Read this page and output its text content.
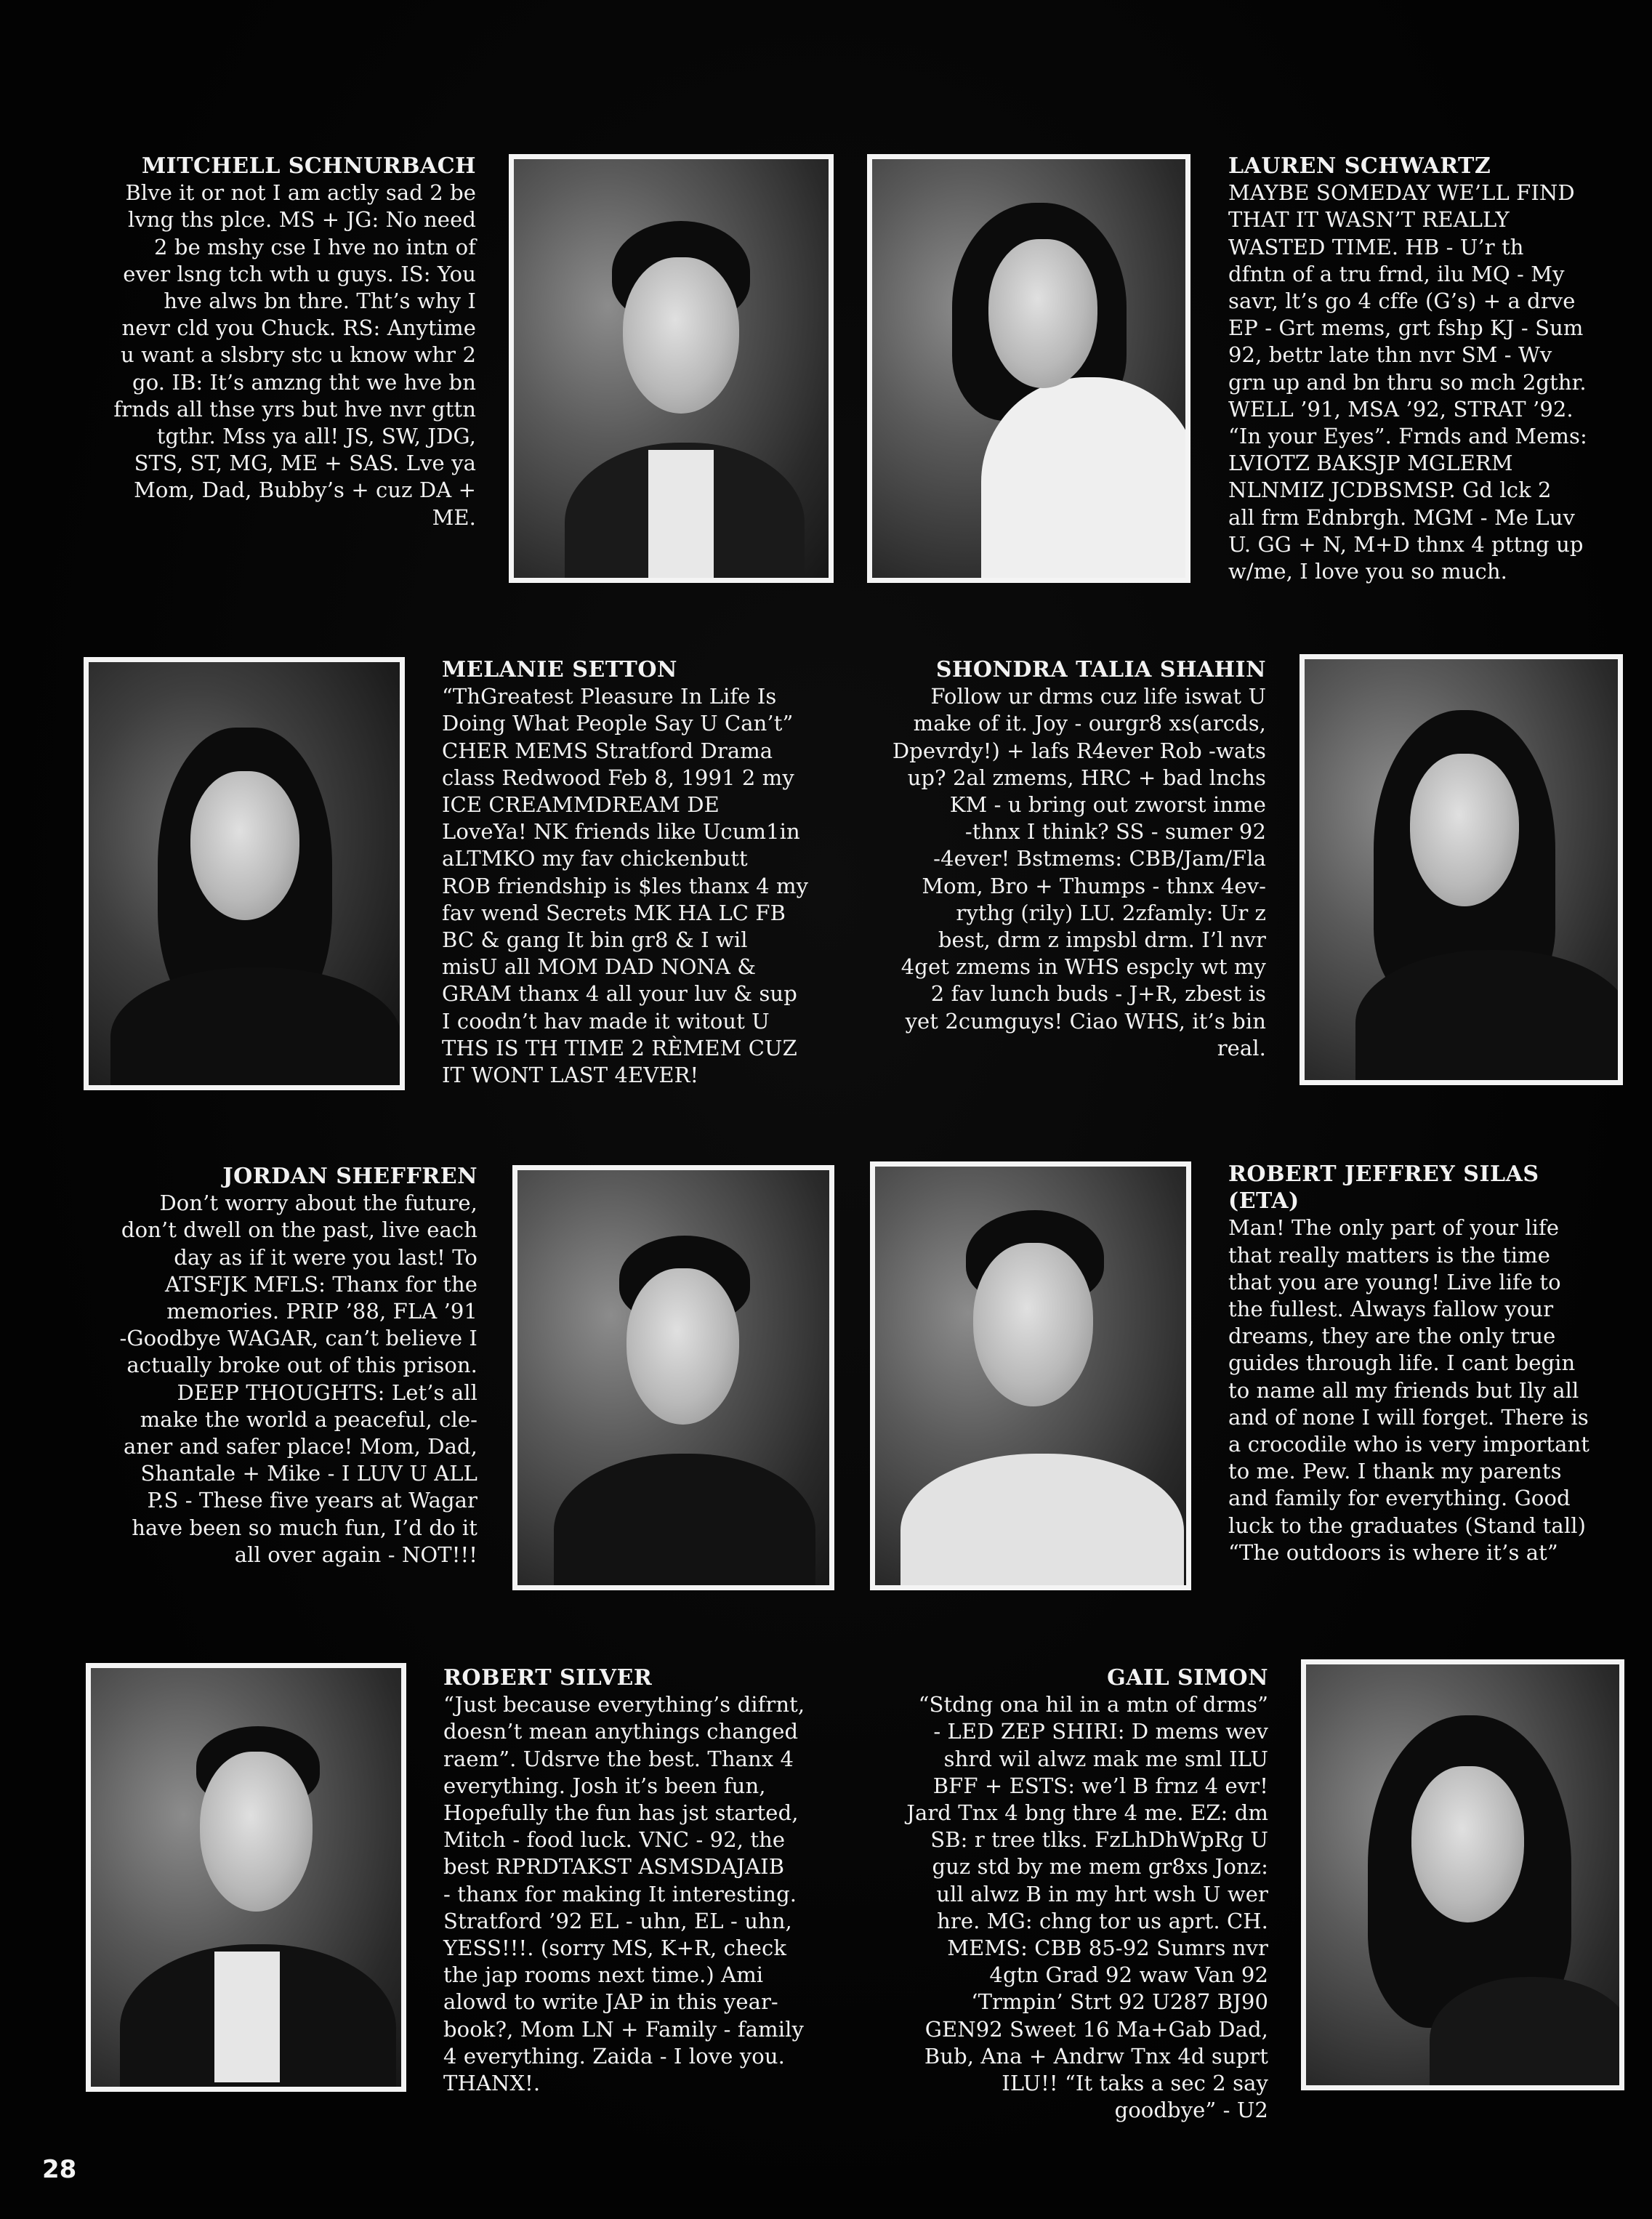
MITCHELL SCHNURBACH

Blve it or not I am actly sad 2 be
lvng ths plce. MS + JG: No need
2 be mshy cse I hve no intn of
ever lsng tch wth u guys. IS: You
hve alws bn thre. Tht’s why I
nevr cld you Chuck. RS: Anytime
u want a slsbry stc u know whr 2
go. IB: It’s amzng tht we hve bn
frnds all thse yrs but hve nvr gttn
tgthr. Mss ya all! JS, SW, JDG,
STS, ST, MG, ME + SAS. Lve ya
Mom, Dad, Bubby’s + cuz DA +
ME.

LAUREN SCHWARTZ

MAYBE SOMEDAY WE’LL FIND
THAT IT WASN’T REALLY
WASTED TIME. HB - U’r th
dfntn of a tru frnd, ilu MQ - My
savr, lt’s go 4 cffe (G’s) + a drve
EP - Grt mems, grt fshp KJ - Sum
92, bettr late thn nvr SM - Wv
grn up and bn thru so mch 2gthr.
WELL ’91, MSA ’92, STRAT ’92.
“In your Eyes”. Frnds and Mems:
LVIOTZ BAKSJP MGLERM
NLNMIZ JCDBSMSP. Gd lck 2
all frm Ednbrgh. MGM - Me Luv
U. GG + N, M+D thnx 4 pttng up
w/me, I love you so much.

MELANIE SETTON

“ThGreatest Pleasure In Life Is
Doing What People Say U Can’t”
CHER MEMS Stratford Drama
class Redwood Feb 8, 1991 2 my
ICE CREAMMDREAM DE
LoveYa! NK friends like Ucum1in
aLTMKO my fav chickenbutt
ROB friendship is $les thanx 4 my
fav wend Secrets MK HA LC FB
BC & gang It bin gr8 & I wil
misU all MOM DAD NONA &
GRAM thanx 4 all your luv & sup
I coodn’t hav made it witout U
THS IS TH TIME 2 RÈMEM CUZ
IT WONT LAST 4EVER!

SHONDRA TALIA SHAHIN

Follow ur drms cuz life iswat U
make of it. Joy - ourgr8 xs(arcds,
Dpevrdy!) + lafs R4ever Rob -wats
up? 2al zmems, HRC + bad lnchs
KM - u bring out zworst inme
-thnx I think? SS - sumer 92
-4ever! Bstmems: CBB/Jam/Fla
Mom, Bro + Thumps - thnx 4ev-
rythg (rily) LU. 2zfamly: Ur z
best, drm z impsbl drm. I’l nvr
4get zmems in WHS espcly wt my
2 fav lunch buds - J+R, zbest is
yet 2cumguys! Ciao WHS, it’s bin
real.

JORDAN SHEFFREN

Don’t worry about the future,
don’t dwell on the past, live each
day as if it were you last! To
ATSFJK MFLS: Thanx for the
memories. PRIP ’88, FLA ’91
-Goodbye WAGAR, can’t believe I
actually broke out of this prison.
DEEP THOUGHTS: Let’s all
make the world a peaceful, cle-
aner and safer place! Mom, Dad,
Shantale + Mike - I LUV U ALL
P.S - These five years at Wagar
have been so much fun, I’d do it
all over again - NOT!!!

ROBERT JEFFREY SILAS
(ETA)

Man! The only part of your life
that really matters is the time
that you are young! Live life to
the fullest. Always fallow your
dreams, they are the only true
guides through life. I cant begin
to name all my friends but Ily all
and of none I will forget. There is
a crocodile who is very important
to me. Pew. I thank my parents
and family for everything. Good
luck to the graduates (Stand tall)
“The outdoors is where it’s at”

ROBERT SILVER

“Just because everything’s difrnt,
doesn’t mean anythings changed
raem”. Udsrve the best. Thanx 4
everything. Josh it’s been fun,
Hopefully the fun has jst started,
Mitch - food luck. VNC - 92, the
best RPRDTAKST ASMSDAJAIB
- thanx for making It interesting.
Stratford ’92 EL - uhn, EL - uhn,
YESS!!!. (sorry MS, K+R, check
the jap rooms next time.) Ami
alowd to write JAP in this year-
book?, Mom LN + Family - family
4 everything. Zaida - I love you.
THANX!.

GAIL SIMON

“Stdng ona hil in a mtn of drms”
- LED ZEP SHIRI: D mems wev
shrd wil alwz mak me sml ILU
BFF + ESTS: we’l B frnz 4 evr!
Jard Tnx 4 bng thre 4 me. EZ: dm
SB: r tree tlks. FzLhDhWpRg U
guz std by me mem gr8xs Jonz:
ull alwz B in my hrt wsh U wer
hre. MG: chng tor us aprt. CH.
MEMS: CBB 85-92 Sumrs nvr
4gtn Grad 92 waw Van 92
‘Trmpin’ Strt 92 U287 BJ90
GEN92 Sweet 16 Ma+Gab Dad,
Bub, Ana + Andrw Tnx 4d suprt
ILU!! “It taks a sec 2 say
goodbye” - U2

28
